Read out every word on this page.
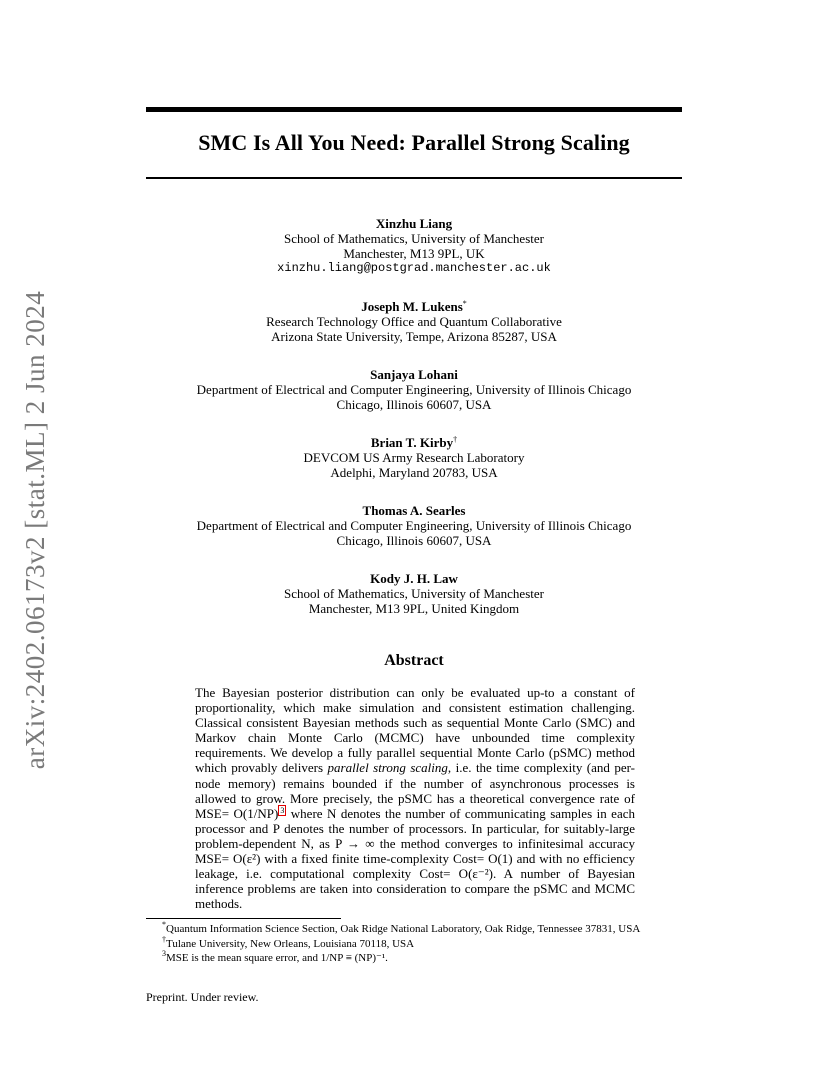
arXiv:2402.06173v2 [stat.ML] 2 Jun 2024
SMC Is All You Need: Parallel Strong Scaling
Xinzhu Liang
School of Mathematics, University of Manchester
Manchester, M13 9PL, UK
xinzhu.liang@postgrad.manchester.ac.uk
Joseph M. Lukens*
Research Technology Office and Quantum Collaborative
Arizona State University, Tempe, Arizona 85287, USA
Sanjaya Lohani
Department of Electrical and Computer Engineering, University of Illinois Chicago
Chicago, Illinois 60607, USA
Brian T. Kirby†
DEVCOM US Army Research Laboratory
Adelphi, Maryland 20783, USA
Thomas A. Searles
Department of Electrical and Computer Engineering, University of Illinois Chicago
Chicago, Illinois 60607, USA
Kody J. H. Law
School of Mathematics, University of Manchester
Manchester, M13 9PL, United Kingdom
Abstract

The Bayesian posterior distribution can only be evaluated up-to a constant of proportionality, which make simulation and consistent estimation challenging. Classical consistent Bayesian methods such as sequential Monte Carlo (SMC) and Markov chain Monte Carlo (MCMC) have unbounded time complexity requirements. We develop a fully parallel sequential Monte Carlo (pSMC) method which provably delivers parallel strong scaling, i.e. the time complexity (and per-node memory) remains bounded if the number of asynchronous processes is allowed to grow. More precisely, the pSMC has a theoretical convergence rate of MSE= O(1/NP) $^3$ where N denotes the number of communicating samples in each processor and P denotes the number of processors. In particular, for suitably-large problem-dependent N, as P → ∞ the method converges to infinitesimal accuracy MSE= O(ε²) with a fixed finite time-complexity Cost= O(1) and with no efficiency leakage, i.e. computational complexity Cost= O(ε⁻²). A number of Bayesian inference problems are taken into consideration to compare the pSMC and MCMC methods.

*Quantum Information Science Section, Oak Ridge National Laboratory, Oak Ridge, Tennessee 37831, USA
†Tulane University, New Orleans, Louisiana 70118, USA
$^3$MSE is the mean square error, and 1/NP ≡ (NP)⁻¹.
Preprint. Under review.
